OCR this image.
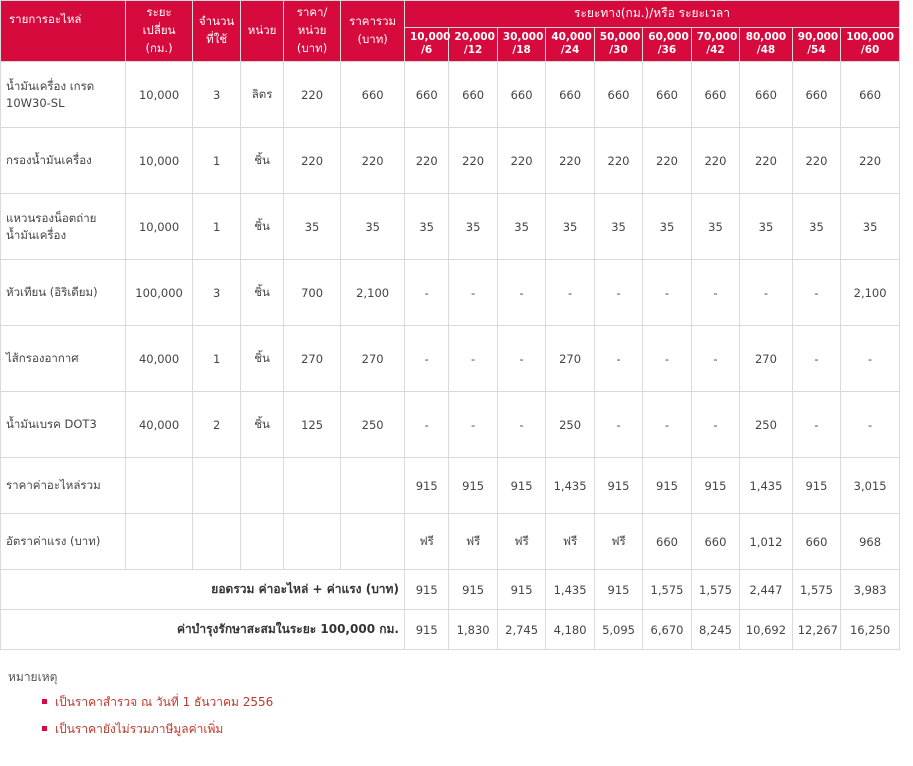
รายการอะไหล่	ระยะเปลี่ยน (กม.)	จำนวน ที่ใช้	หน่วย	ราคา/ หน่วย (บาท)	ราคารวม (บาท)	ระยะทาง(กม.)/หรือ ระยะเวลา									
						10,000 /6	20,000 /12	30,000 /18	40,000 /24	50,000 /30	60,000 /36	70,000 /42	80,000 /48	90,000 /54	100,000 /60
น้ำมันเครื่อง เกรด 10W30-SL	10,000	3	ลิตร	220	660	660	660	660	660	660	660	660	660	660	660
กรองน้ำมันเครื่อง	10,000	1	ชิ้น	220	220	220	220	220	220	220	220	220	220	220	220
แหวนรองน็อตถ่าย น้ำมันเครื่อง	10,000	1	ชิ้น	35	35	35	35	35	35	35	35	35	35	35	35
หัวเทียน (อิริเดียม)	100,000	3	ชิ้น	700	2,100	-	-	-	-	-	-	-	-	-	2,100
ไส้กรองอากาศ	40,000	1	ชิ้น	270	270	-	-	-	270	-	-	-	270	-	-
น้ำมันเบรค DOT3	40,000	2	ชิ้น	125	250	-	-	-	250	-	-	-	250	-	-
ราคาค่าอะไหล่รวม						915	915	915	1,435	915	915	915	1,435	915	3,015
อัตราค่าแรง (บาท)						ฟรี	ฟรี	ฟรี	ฟรี	ฟรี	660	660	1,012	660	968
ยอดรวม ค่าอะไหล่ + ค่าแรง (บาท)						915	915	915	1,435	915	1,575	1,575	2,447	1,575	3,983
ค่าบำรุงรักษาสะสมในระยะ 100,000 กม.						915	1,830	2,745	4,180	5,095	6,670	8,245	10,692	12,267	16,250
หมายเหตุ
เป็นราคาสำรวจ ณ วันที่ 1 ธันวาคม 2556
เป็นราคายังไม่รวมภาษีมูลค่าเพิ่ม
